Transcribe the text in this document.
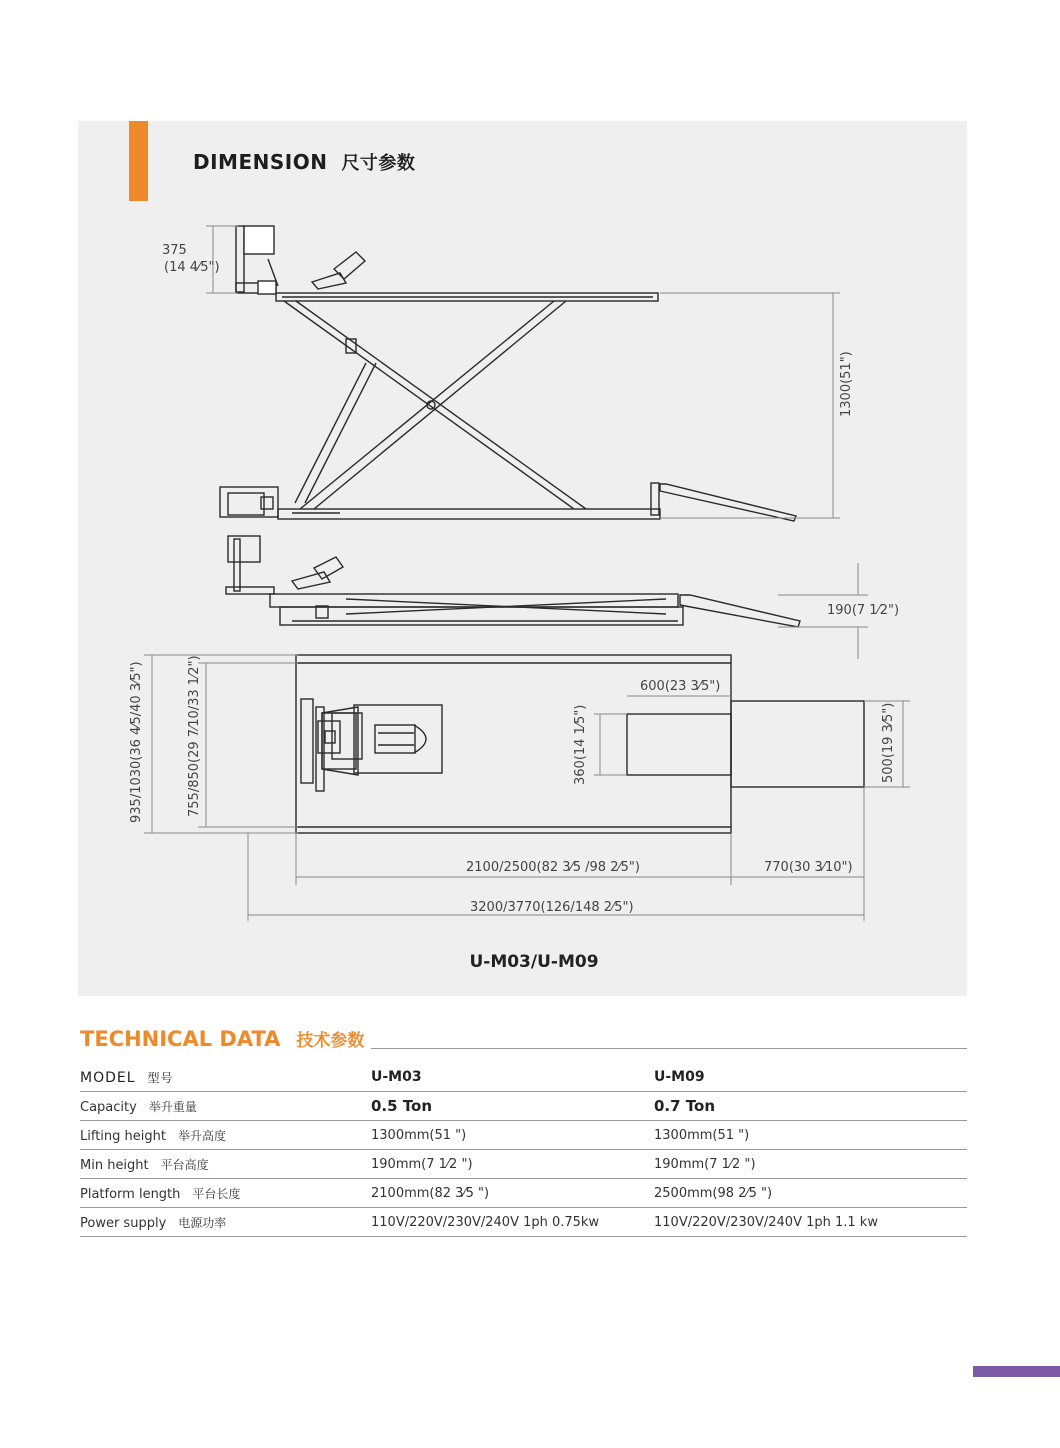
DIMENSION 尺寸参数
375
(14 4⁄5")
1300(51")
190(7 1⁄2")
935/1030(36 4⁄5/40 3⁄5")	755/850(29 7⁄10/33 1⁄2")	600(23 3⁄5")
360(14 1⁄5")	500(19 3⁄5")
2100/2500(82 3⁄5 /98 2⁄5")	770(30 3⁄10")
3200/3770(126/148 2⁄5")
U-M03/U-M09
TECHNICAL DATA 技术参数
MODEL 型号	U-M03	U-M09
Capacity 举升重量	0.5 Ton	0.7 Ton
Lifting height 举升高度	1300mm(51 ")	1300mm(51 ")
Min height 平台高度	190mm(7 1⁄2 ")	190mm(7 1⁄2 ")
Platform length 平台长度	2100mm(82 3⁄5 ")	2500mm(98 2⁄5 ")
Power supply 电源功率	110V/220V/230V/240V 1ph 0.75kw	110V/220V/230V/240V 1ph 1.1 kw
